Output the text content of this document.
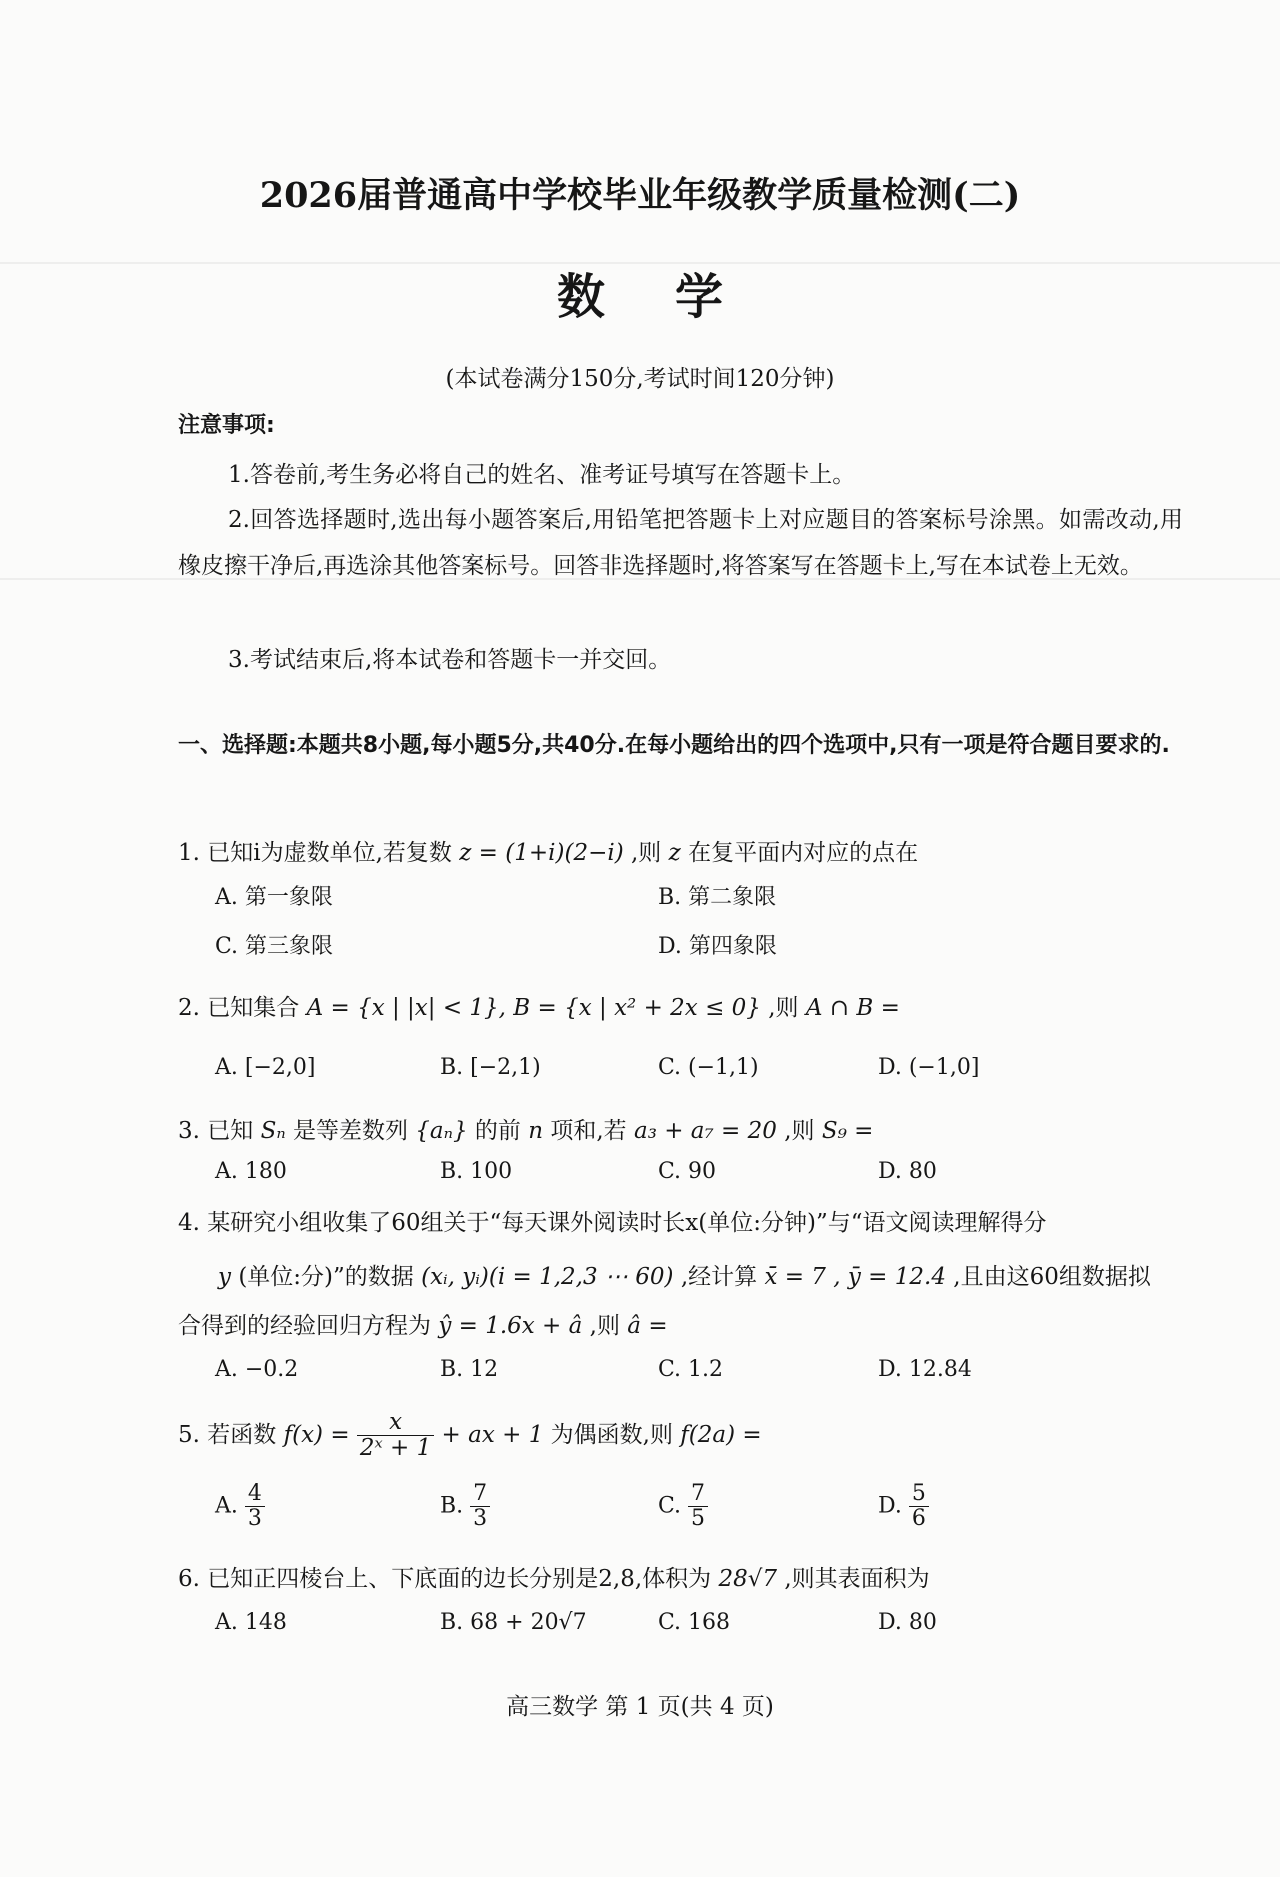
2026届普通高中学校毕业年级教学质量检测(二)
数学
(本试卷满分150分,考试时间120分钟)
注意事项:
1.答卷前,考生务必将自己的姓名、准考证号填写在答题卡上。
2.回答选择题时,选出每小题答案后,用铅笔把答题卡上对应题目的答案标号涂黑。如需改动,用橡皮擦干净后,再选涂其他答案标号。回答非选择题时,将答案写在答题卡上,写在本试卷上无效。
3.考试结束后,将本试卷和答题卡一并交回。
一、选择题:本题共8小题,每小题5分,共40分.在每小题给出的四个选项中,只有一项是符合题目要求的.
1. 已知i为虚数单位,若复数 z = (1+i)(2−i) ,则 z 在复平面内对应的点在
A. 第一象限	B. 第二象限
C. 第三象限	D. 第四象限
2. 已知集合 A = {x | |x| < 1}, B = {x | x² + 2x ≤ 0} ,则 A ∩ B =
A. [−2,0]	B. [−2,1)	C. (−1,1)	D. (−1,0]
3. 已知 Sₙ 是等差数列 {aₙ} 的前 n 项和,若 a₃ + a₇ = 20 ,则 S₉ =
A. 180	B. 100	C. 90	D. 80
4. 某研究小组收集了60组关于“每天课外阅读时长x(单位:分钟)”与“语文阅读理解得分
y (单位:分)”的数据 (xᵢ, yᵢ)(i = 1,2,3 ⋯ 60) ,经计算 x̄ = 7 , ȳ = 12.4 ,且由这60组数据拟
合得到的经验回归方程为 ŷ = 1.6x + â ,则 â =
A. −0.2	B. 12	C. 1.2	D. 12.84
5. 若函数 $f(x) = \frac{x}{\text{2ˣ + 1}}$ + ax + 1 为偶函数,则 f(2a) =
A. $\frac{4}{3}$	B. $\frac{7}{3}$	C. $\frac{7}{5}$	D. $\frac{5}{6}$
6. 已知正四棱台上、下底面的边长分别是2,8,体积为 28√7 ,则其表面积为
A. 148	B. 68 + 20√7	C. 168	D. 80
高三数学 第 1 页(共 4 页)
